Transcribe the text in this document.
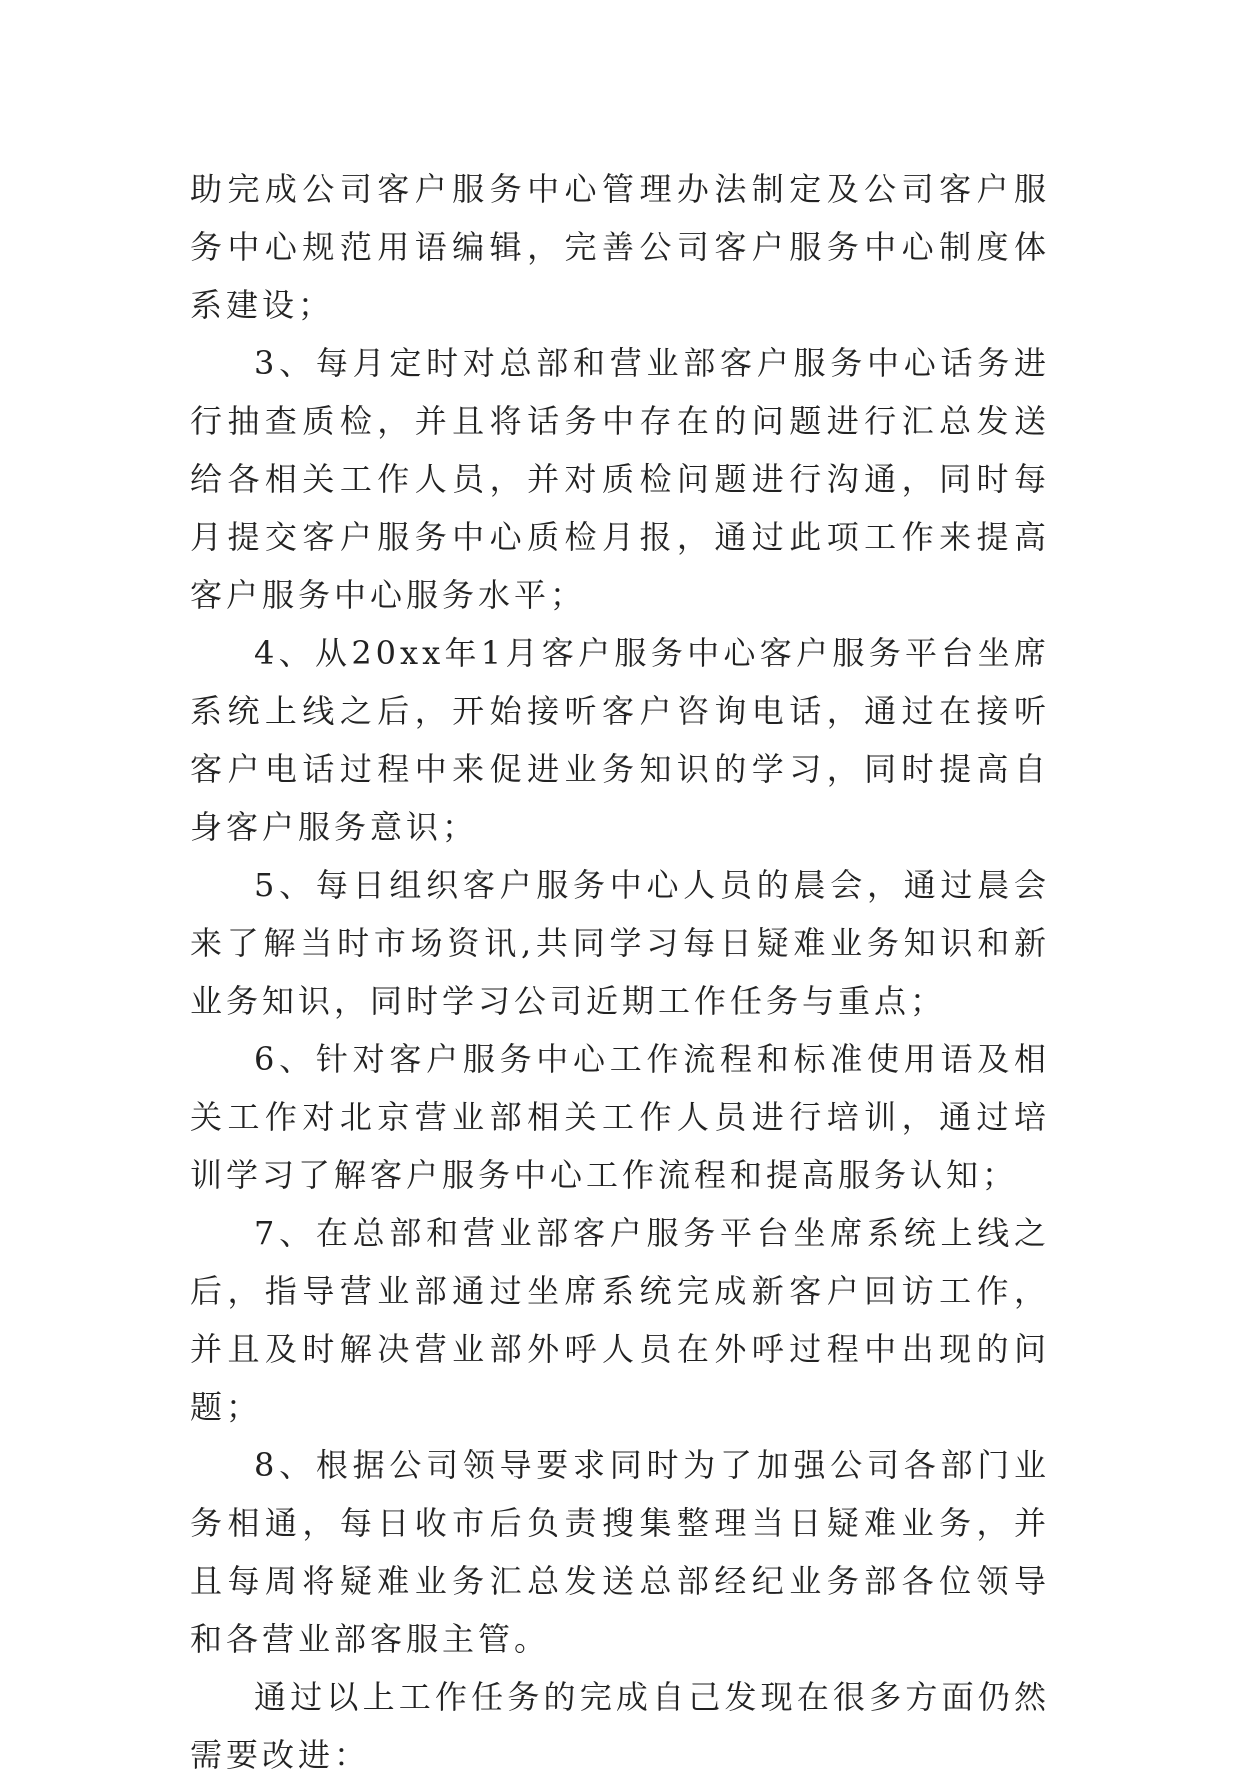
助完成公司客户服务中心管理办法制定及公司客户服务中心规范用语编辑，完善公司客户服务中心制度体系建设；

3、每月定时对总部和营业部客户服务中心话务进行抽查质检，并且将话务中存在的问题进行汇总发送给各相关工作人员，并对质检问题进行沟通，同时每月提交客户服务中心质检月报，通过此项工作来提高客户服务中心服务水平；

4、从20xx年1月客户服务中心客户服务平台坐席系统上线之后，开始接听客户咨询电话，通过在接听客户电话过程中来促进业务知识的学习，同时提高自身客户服务意识；

5、每日组织客户服务中心人员的晨会，通过晨会来了解当时市场资讯,共同学习每日疑难业务知识和新业务知识，同时学习公司近期工作任务与重点；

6、针对客户服务中心工作流程和标准使用语及相关工作对北京营业部相关工作人员进行培训，通过培训学习了解客户服务中心工作流程和提高服务认知；

7、在总部和营业部客户服务平台坐席系统上线之后，指导营业部通过坐席系统完成新客户回访工作，并且及时解决营业部外呼人员在外呼过程中出现的问题；

8、根据公司领导要求同时为了加强公司各部门业务相通，每日收市后负责搜集整理当日疑难业务，并且每周将疑难业务汇总发送总部经纪业务部各位领导和各营业部客服主管。

通过以上工作任务的完成自己发现在很多方面仍然需要改进：
